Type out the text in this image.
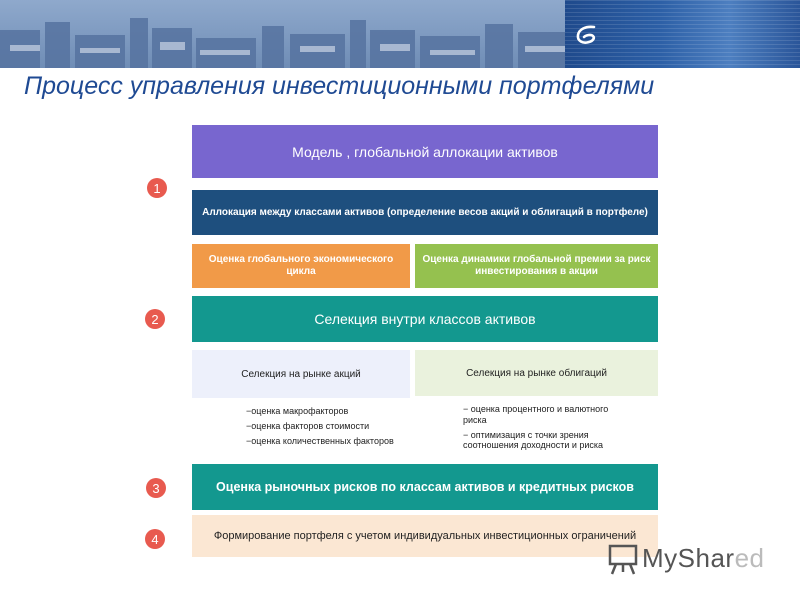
Процесс управления инвестиционными портфелями
Модель , глобальной аллокации активов
Аллокация между классами активов (определение весов акций и облигаций в портфеле)
Оценка глобального экономического цикла
Оценка динамики глобальной премии за риск инвестирования в акции
Селекция внутри классов активов
Селекция на рынке акций	Селекция на рынке облигаций
−оценка макрофакторов
−оценка факторов стоимости
−оценка количественных факторов
− оценка процентного и валютного риска
− оптимизация с точки зрения соотношения доходности и риска
Оценка рыночных рисков по классам активов и кредитных рисков
Формирование портфеля с учетом индивидуальных инвестиционных ограничений
1
2
3
4
MyShared
